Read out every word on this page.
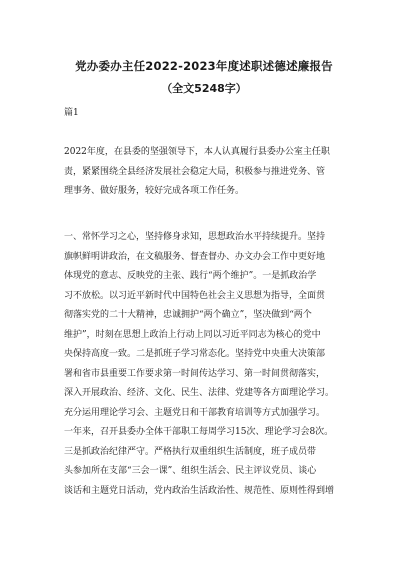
党办委办主任2022-2023年度述职述德述廉报告
（全文5248字）
篇1
2022年度，在县委的坚强领导下，本人认真履行县委办公室主任职
责，紧紧围绕全县经济发展社会稳定大局，积极参与推进党务、管
理事务、做好服务，较好完成各项工作任务。
一、常怀学习之心，坚持修身求知，思想政治水平持续提升。坚持
旗帜鲜明讲政治，在文稿服务、督查督办、办文办会工作中更好地
体现党的意志、反映党的主张、践行“两个维护”。一是抓政治学
习不放松。以习近平新时代中国特色社会主义思想为指导，全面贯
彻落实党的二十大精神，忠诚拥护“两个确立”，坚决做到“两个
维护”，时刻在思想上政治上行动上同以习近平同志为核心的党中
央保持高度一致。二是抓班子学习常态化。坚持党中央重大决策部
署和省市县重要工作要求第一时间传达学习、第一时间贯彻落实，
深入开展政治、经济、文化、民生、法律、党建等各方面理论学习。
充分运用理论学习会、主题党日和干部教育培训等方式加强学习。
一年来，召开县委办全体干部职工每周学习15次、理论学习会8次。
三是抓政治纪律严守。严格执行双重组织生活制度，班子成员带
头参加所在支部“三会一课”、组织生活会、民主评议党员、谈心
谈话和主题党日活动，党内政治生活政治性、规范性、原则性得到增
